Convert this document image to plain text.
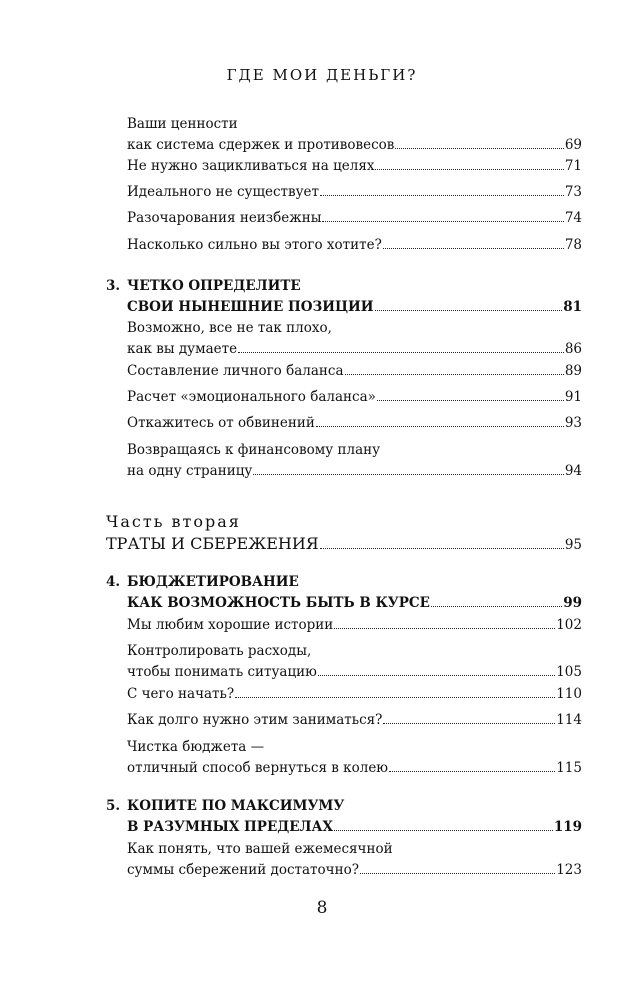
ГДЕ МОИ ДЕНЬГИ?
Ваши ценности
как система сдержек и противовесов	69
Не нужно зацикливаться на целях	71
Идеального не существует	73
Разочарования неизбежны	74
Насколько сильно вы этого хотите?	78
3. ЧЕТКО ОПРЕДЕЛИТЕ
СВОИ НЫНЕШНИЕ ПОЗИЦИИ	81
Возможно, все не так плохо,
как вы думаете	86
Составление личного баланса	89
Расчет «эмоционального баланса»	91
Откажитесь от обвинений	93
Возвращаясь к финансовому плану
на одну страницу	94
Часть вторая
ТРАТЫ И СБЕРЕЖЕНИЯ	95
4. БЮДЖЕТИРОВАНИЕ
КАК ВОЗМОЖНОСТЬ БЫТЬ В КУРСЕ	99
Мы любим хорошие истории	102
Контролировать расходы,
чтобы понимать ситуацию	105
С чего начать?	110
Как долго нужно этим заниматься?	114
Чистка бюджета —
отличный способ вернуться в колею	115
5. КОПИТЕ ПО МАКСИМУМУ
В РАЗУМНЫХ ПРЕДЕЛАХ	119
Как понять, что вашей ежемесячной
суммы сбережений достаточно?	123
8
